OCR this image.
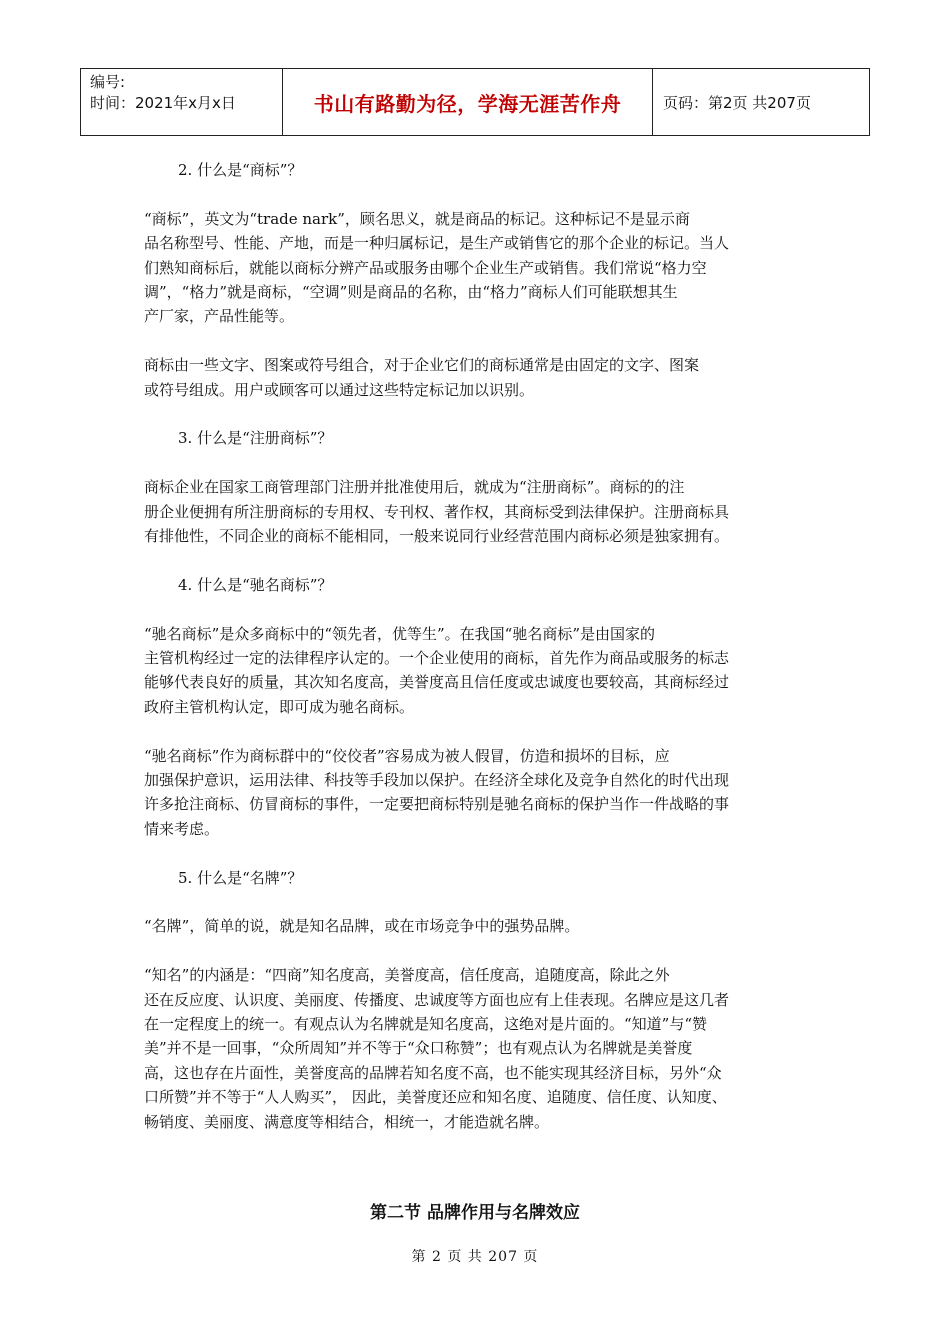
编号:
时间：2021年x月x日	书山有路勤为径，学海无涯苦作舟	页码：第2页 共207页
2. 什么是“商标”？
“商标”，英文为“trade nark”，顾名思义，就是商品的标记。这种标记不是显示商
品名称型号、性能、产地，而是一种归属标记，是生产或销售它的那个企业的标记。当人
们熟知商标后，就能以商标分辨产品或服务由哪个企业生产或销售。我们常说“格力空
调”，“格力”就是商标，“空调”则是商品的名称，由“格力”商标人们可能联想其生
产厂家，产品性能等。
商标由一些文字、图案或符号组合，对于企业它们的商标通常是由固定的文字、图案
或符号组成。用户或顾客可以通过这些特定标记加以识别。
3. 什么是“注册商标”？
商标企业在国家工商管理部门注册并批准使用后，就成为“注册商标”。商标的的注
册企业便拥有所注册商标的专用权、专刊权、著作权，其商标受到法律保护。注册商标具
有排他性，不同企业的商标不能相同，一般来说同行业经营范围内商标必须是独家拥有。
4. 什么是“驰名商标”？
“驰名商标”是众多商标中的“领先者，优等生”。在我国“驰名商标”是由国家的
主管机构经过一定的法律程序认定的。一个企业使用的商标，首先作为商品或服务的标志
能够代表良好的质量，其次知名度高，美誉度高且信任度或忠诚度也要较高，其商标经过
政府主管机构认定，即可成为驰名商标。
“驰名商标”作为商标群中的“佼佼者”容易成为被人假冒，仿造和损坏的目标，应
加强保护意识，运用法律、科技等手段加以保护。在经济全球化及竞争自然化的时代出现
许多抢注商标、仿冒商标的事件，一定要把商标特别是驰名商标的保护当作一件战略的事
情来考虑。
5. 什么是“名牌”？
“名牌”，简单的说，就是知名品牌，或在市场竞争中的强势品牌。
“知名”的内涵是：“四商”知名度高，美誉度高，信任度高，追随度高，除此之外
还在反应度、认识度、美丽度、传播度、忠诚度等方面也应有上佳表现。名牌应是这几者
在一定程度上的统一。有观点认为名牌就是知名度高，这绝对是片面的。“知道”与“赞
美”并不是一回事，“众所周知”并不等于“众口称赞”；也有观点认为名牌就是美誉度
高，这也存在片面性，美誉度高的品牌若知名度不高，也不能实现其经济目标，另外“众
口所赞”并不等于“人人购买”， 因此，美誉度还应和知名度、追随度、信任度、认知度、
畅销度、美丽度、满意度等相结合，相统一，才能造就名牌。
第二节 品牌作用与名牌效应
第 2 页 共 207 页
